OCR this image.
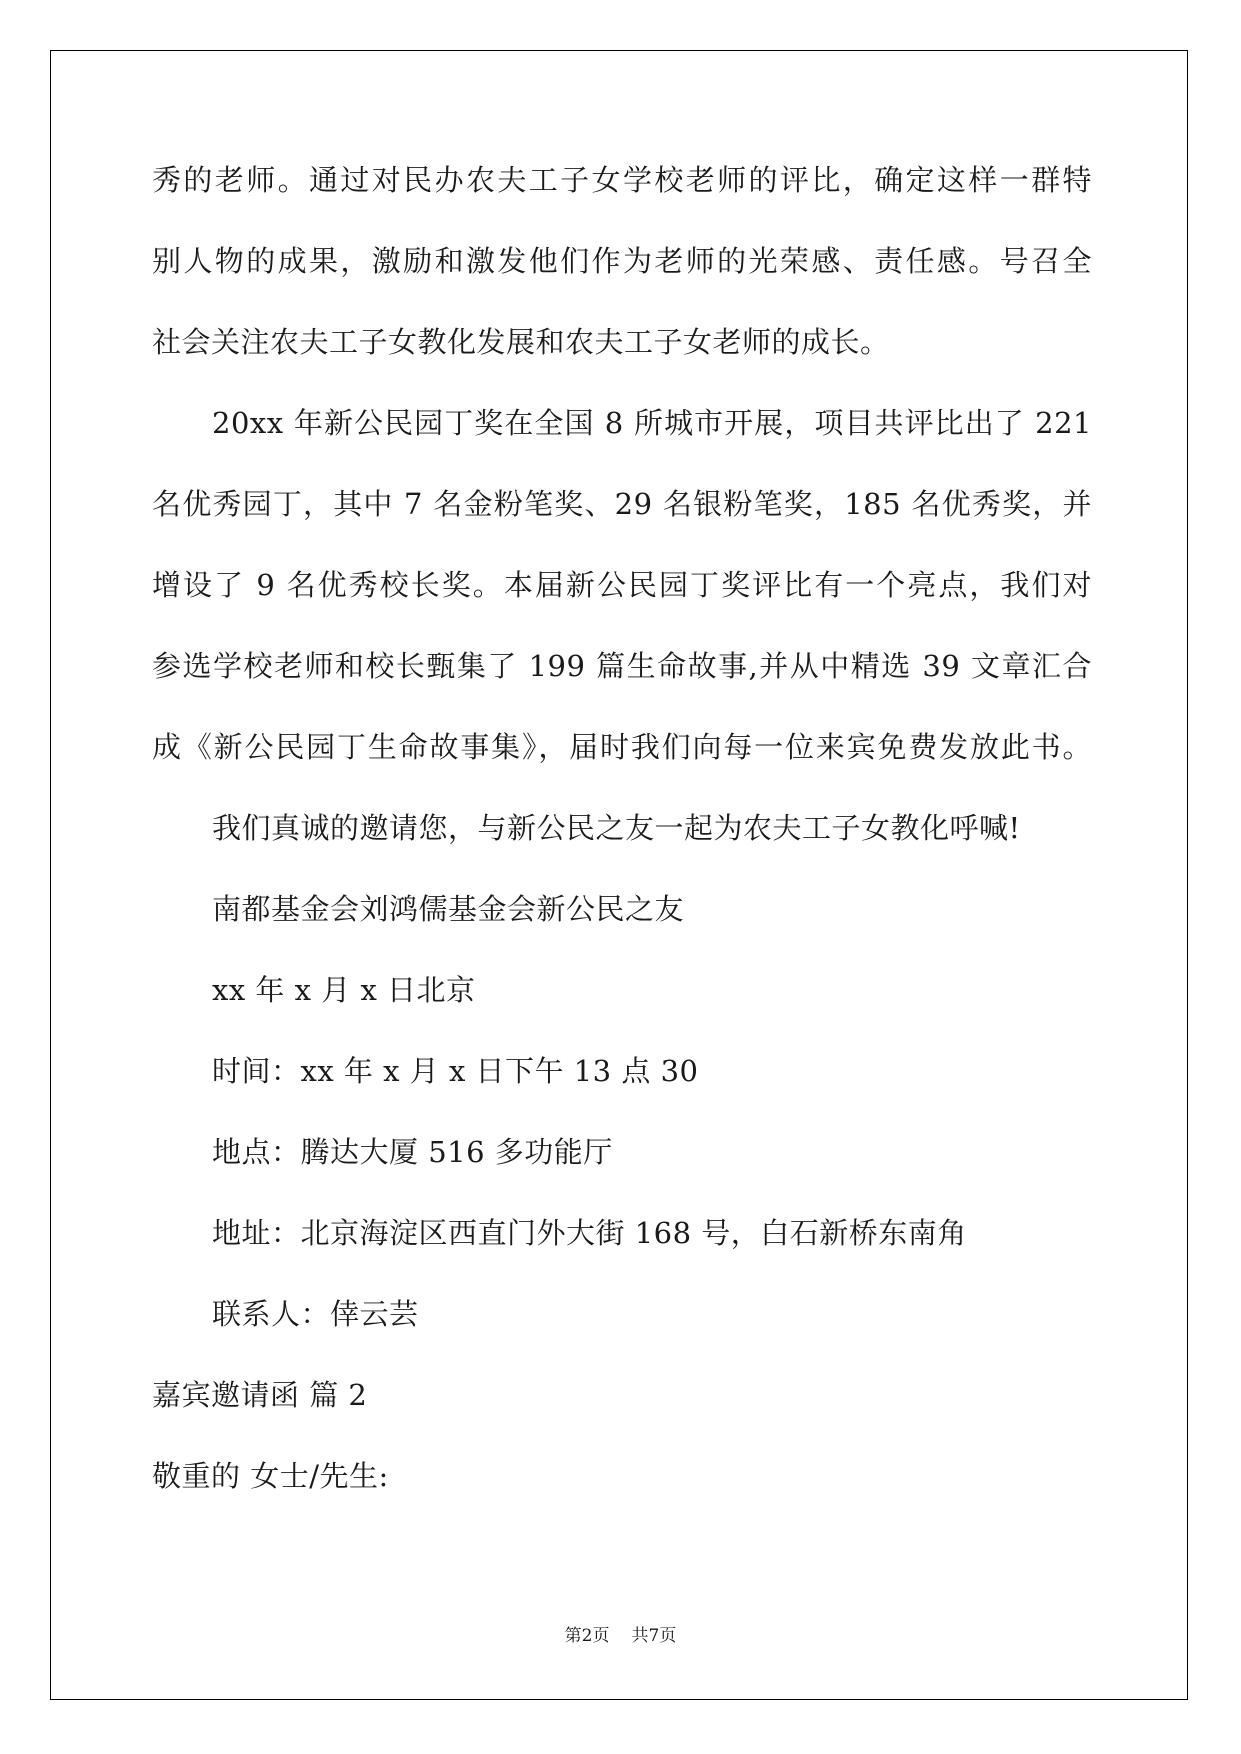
秀的老师。通过对民办农夫工子女学校老师的评比，确定这样一群特
别人物的成果，激励和激发他们作为老师的光荣感、责任感。号召全
社会关注农夫工子女教化发展和农夫工子女老师的成长。
20xx 年新公民园丁奖在全国 8 所城市开展，项目共评比出了 221
名优秀园丁，其中 7 名金粉笔奖、29 名银粉笔奖，185 名优秀奖，并
增设了 9 名优秀校长奖。本届新公民园丁奖评比有一个亮点，我们对
参选学校老师和校长甄集了 199 篇生命故事,并从中精选 39 文章汇合
成《新公民园丁生命故事集》，届时我们向每一位来宾免费发放此书。
我们真诚的邀请您，与新公民之友一起为农夫工子女教化呼喊!
南都基金会刘鸿儒基金会新公民之友
xx 年 x 月 x 日北京
时间：xx 年 x 月 x 日下午 13 点 30
地点：腾达大厦 516 多功能厅
地址：北京海淀区西直门外大街 168 号，白石新桥东南角
联系人：倖云芸
嘉宾邀请函 篇 2
敬重的 女士/先生:
第2页 共7页
